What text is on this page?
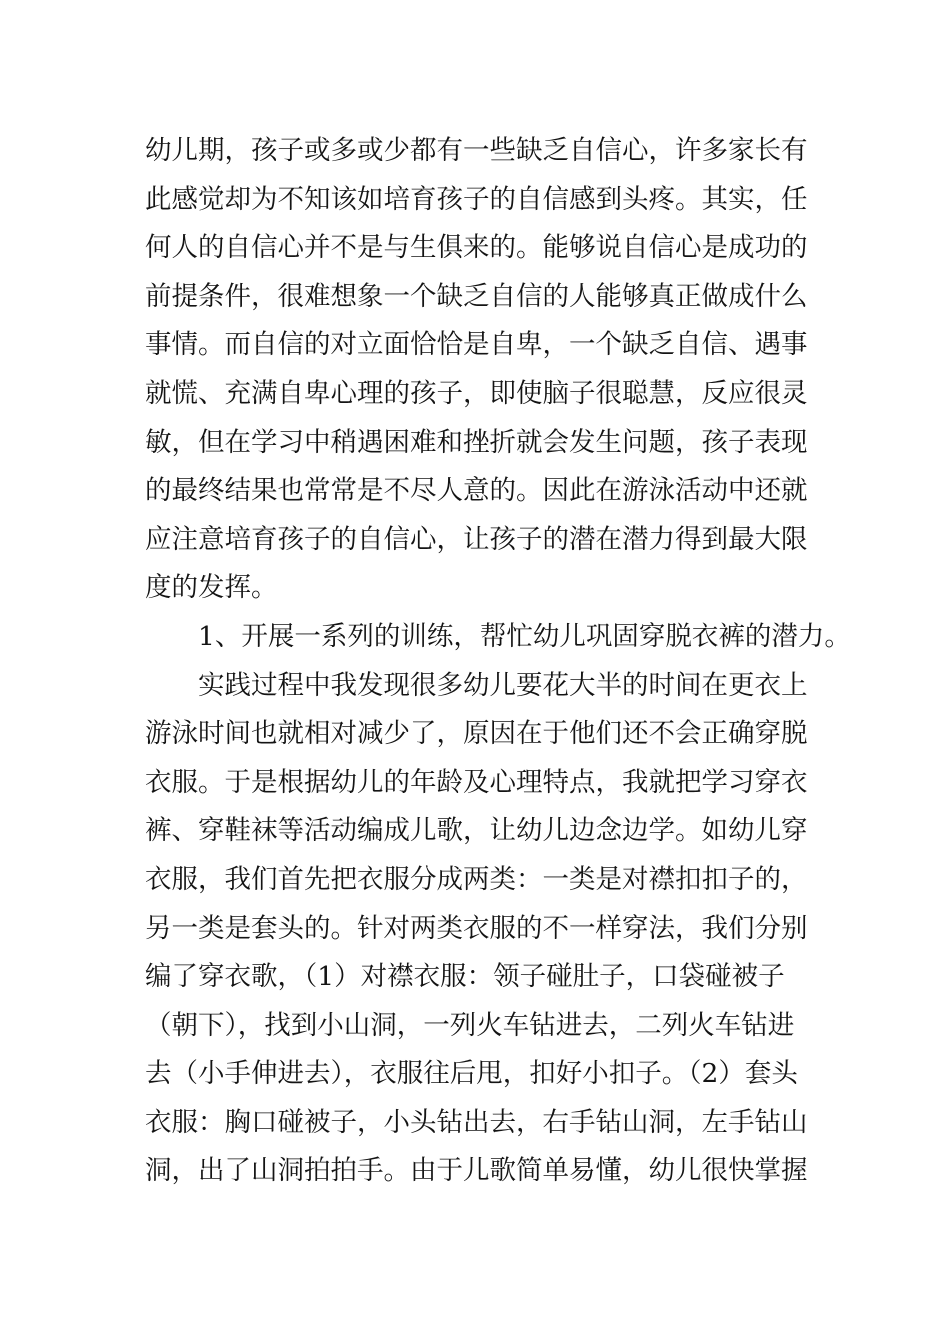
幼儿期，孩子或多或少都有一些缺乏自信心，许多家长有
此感觉却为不知该如培育孩子的自信感到头疼。其实，任
何人的自信心并不是与生俱来的。能够说自信心是成功的
前提条件，很难想象一个缺乏自信的人能够真正做成什么
事情。而自信的对立面恰恰是自卑，一个缺乏自信、遇事
就慌、充满自卑心理的孩子，即使脑子很聪慧，反应很灵
敏，但在学习中稍遇困难和挫折就会发生问题，孩子表现
的最终结果也常常是不尽人意的。因此在游泳活动中还就
应注意培育孩子的自信心，让孩子的潜在潜力得到最大限
度的发挥。
1、开展一系列的训练，帮忙幼儿巩固穿脱衣裤的潜力。
实践过程中我发现很多幼儿要花大半的时间在更衣上
游泳时间也就相对减少了，原因在于他们还不会正确穿脱
衣服。于是根据幼儿的年龄及心理特点，我就把学习穿衣
裤、穿鞋袜等活动编成儿歌，让幼儿边念边学。如幼儿穿
衣服，我们首先把衣服分成两类：一类是对襟扣扣子的，
另一类是套头的。针对两类衣服的不一样穿法，我们分别
编了穿衣歌，（1）对襟衣服：领子碰肚子，口袋碰被子
（朝下），找到小山洞，一列火车钻进去，二列火车钻进
去（小手伸进去），衣服往后甩，扣好小扣子。（2）套头
衣服：胸口碰被子，小头钻出去，右手钻山洞，左手钻山
洞，出了山洞拍拍手。由于儿歌简单易懂，幼儿很快掌握
